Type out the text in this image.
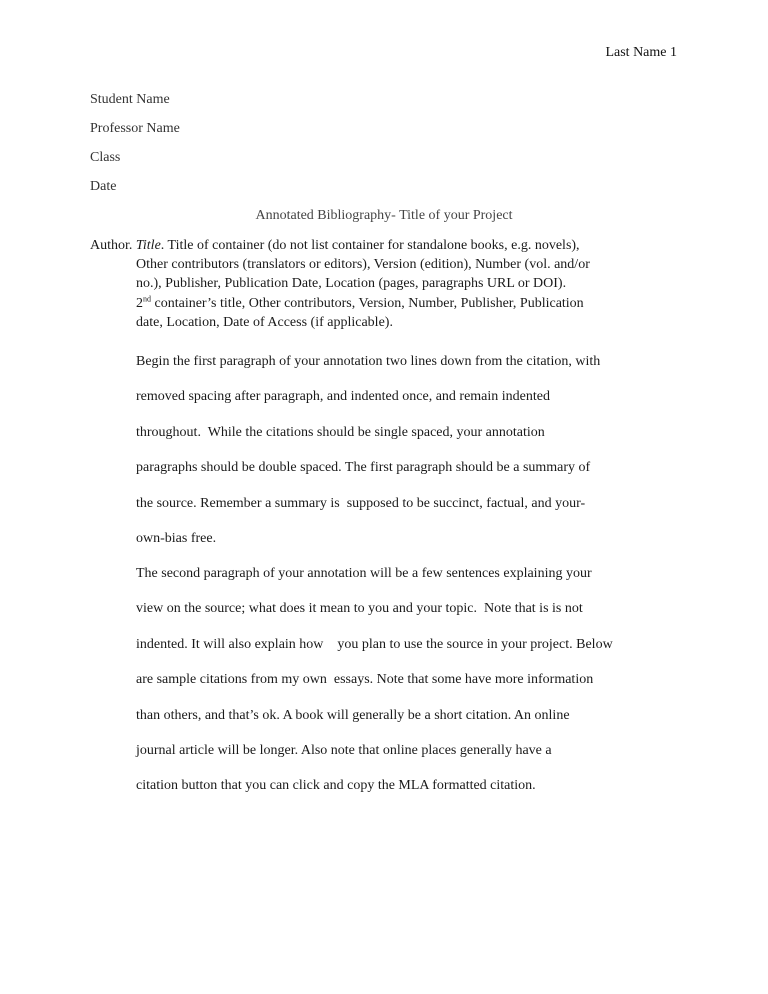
Last Name 1
Student Name
Professor Name
Class
Date
Annotated Bibliography- Title of your Project
Author. Title. Title of container (do not list container for standalone books, e.g. novels),
Other contributors (translators or editors), Version (edition), Number (vol. and/or
no.), Publisher, Publication Date, Location (pages, paragraphs URL or DOI).
2nd container’s title, Other contributors, Version, Number, Publisher, Publication
date, Location, Date of Access (if applicable).
Begin the first paragraph of your annotation two lines down from the citation, with
removed spacing after paragraph, and indented once, and remain indented
throughout.  While the citations should be single spaced, your annotation
paragraphs should be double spaced. The first paragraph should be a summary of
the source. Remember a summary is  supposed to be succinct, factual, and your-
own-bias free.
The second paragraph of your annotation will be a few sentences explaining your
view on the source; what does it mean to you and your topic.  Note that is is not
indented. It will also explain how    you plan to use the source in your project. Below
are sample citations from my own  essays. Note that some have more information
than others, and that’s ok. A book will generally be a short citation. An online
journal article will be longer. Also note that online places generally have a
citation button that you can click and copy the MLA formatted citation.
